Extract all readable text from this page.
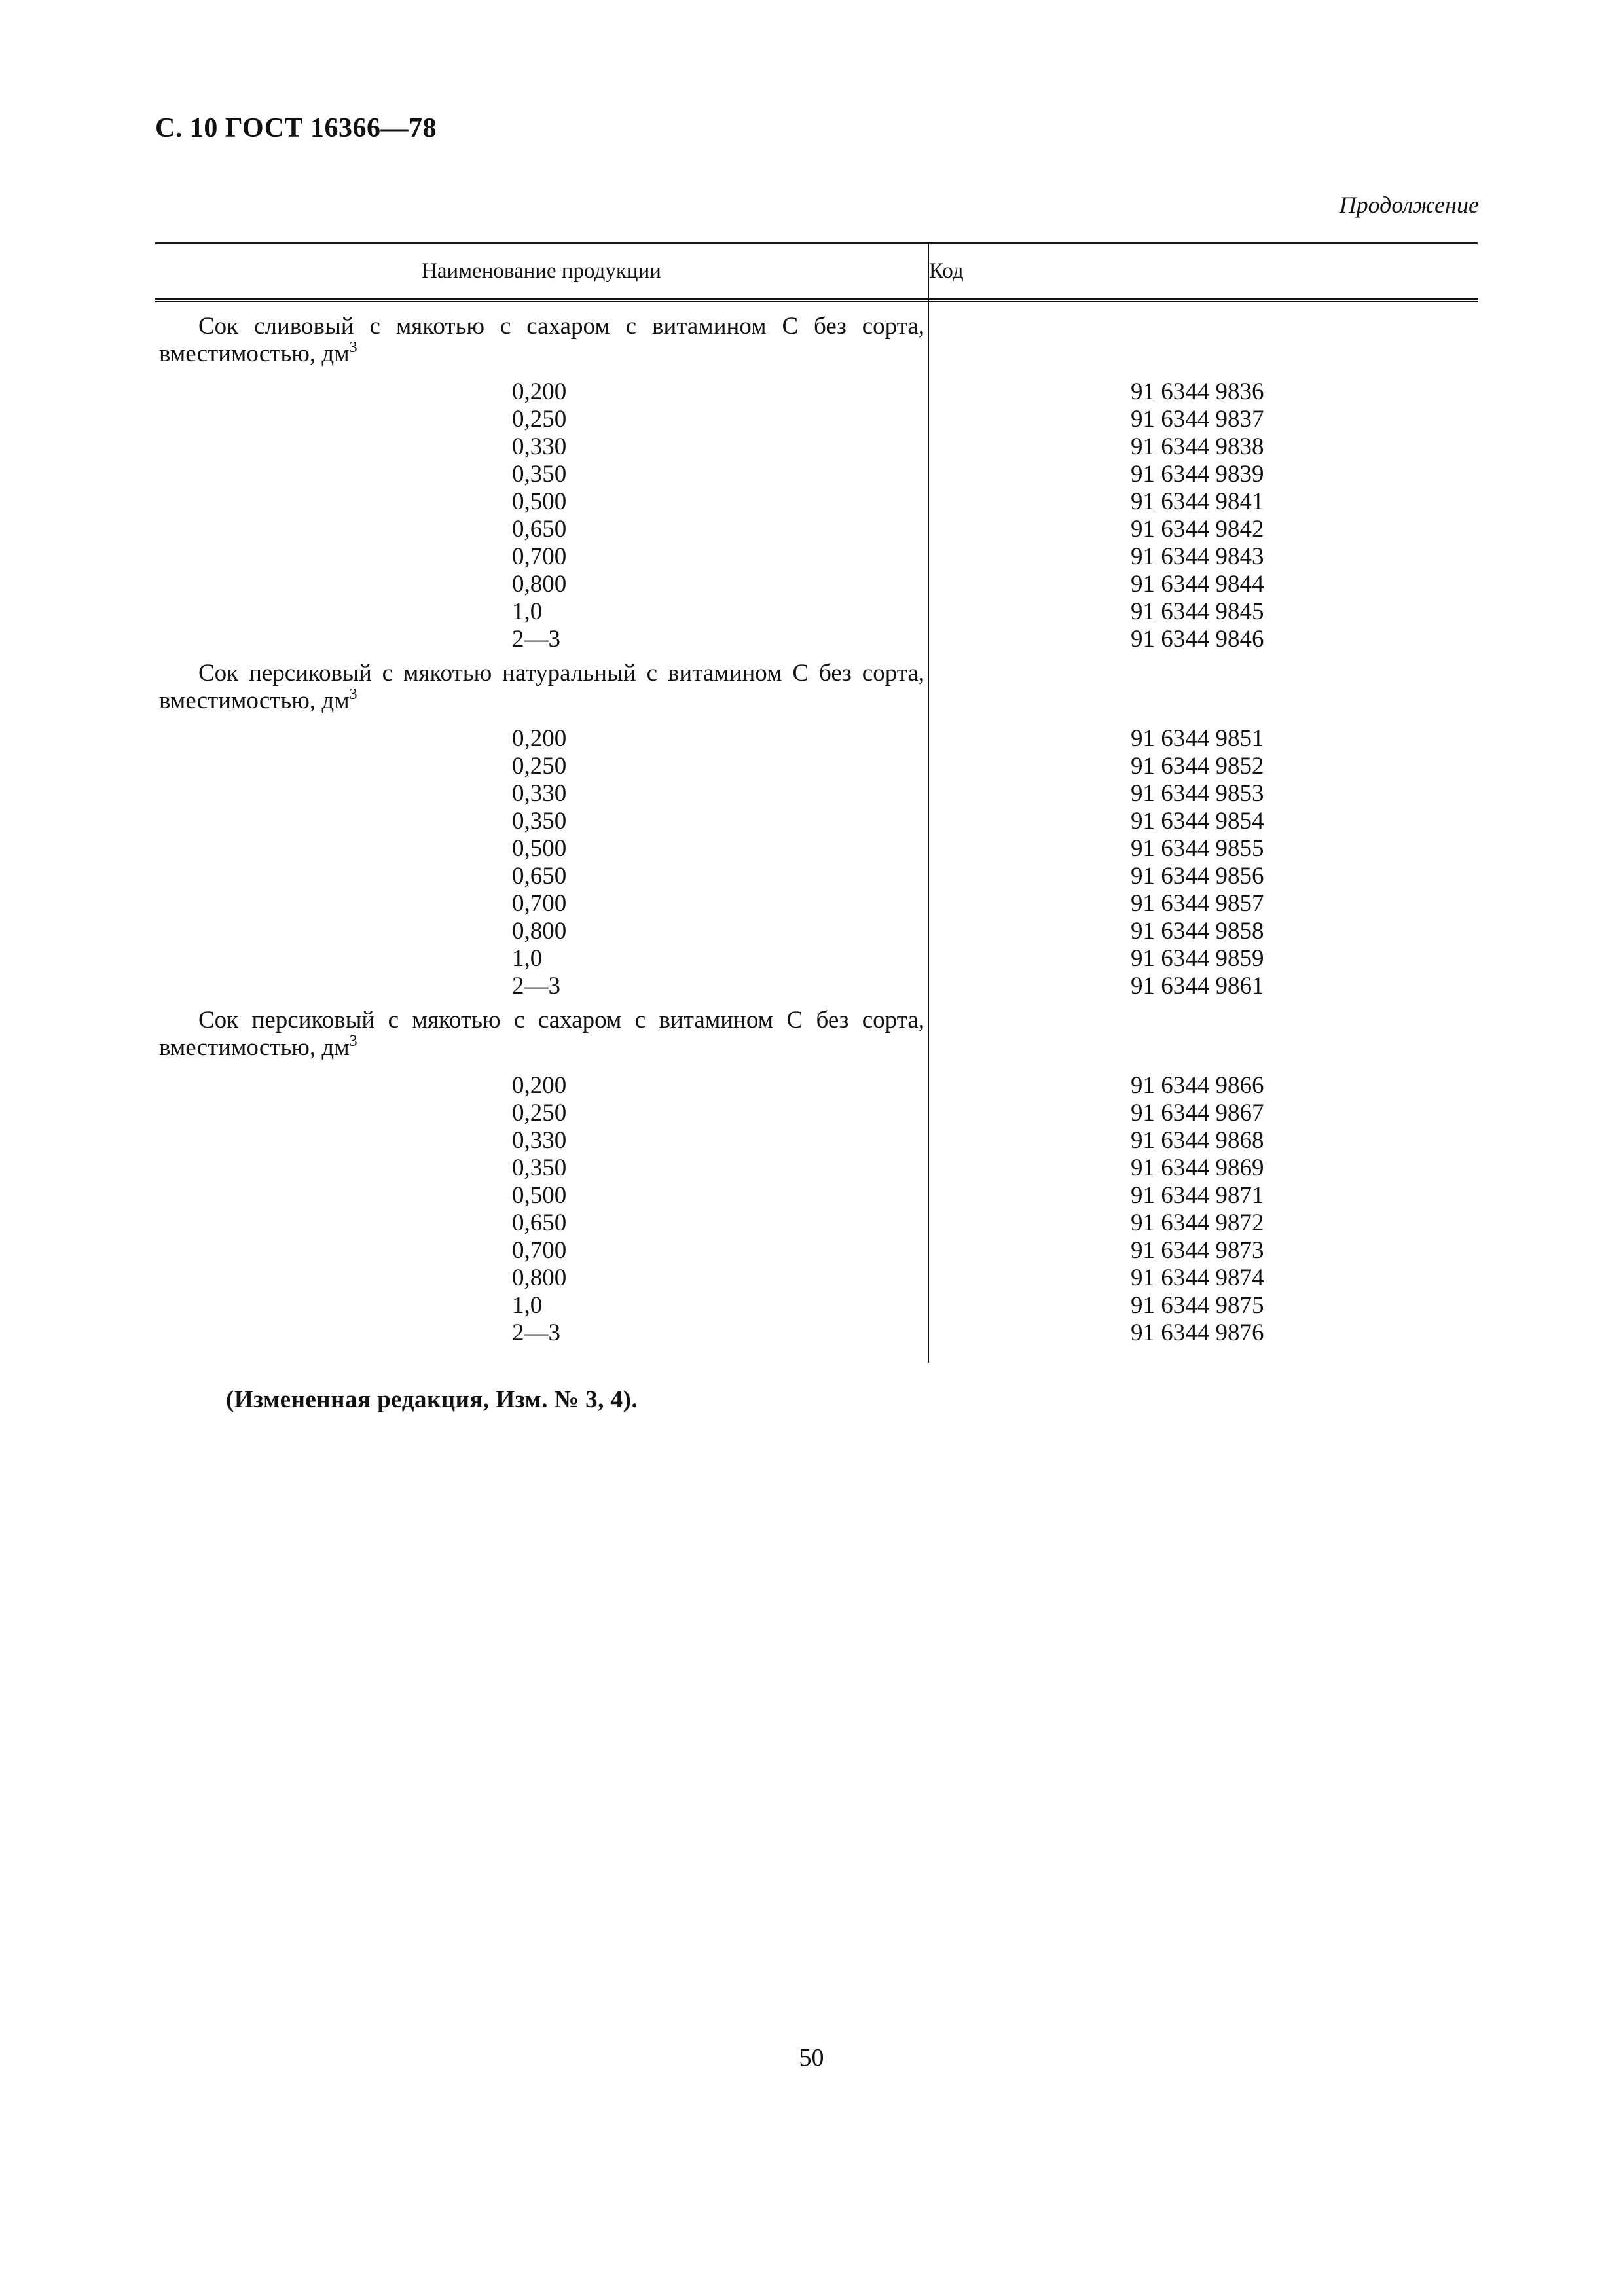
С. 10 ГОСТ 16366—78
Продолжение
Наименование продукции	Код
Сок сливовый с мякотью с сахаром с витамином С без сорта, вместимостью, $дм^3$
0,200	91 6344 9836
0,250	91 6344 9837
0,330	91 6344 9838
0,350	91 6344 9839
0,500	91 6344 9841
0,650	91 6344 9842
0,700	91 6344 9843
0,800	91 6344 9844
1,0	91 6344 9845
2—3	91 6344 9846
Сок персиковый с мякотью натуральный с витамином С без сорта, вместимостью, $дм^3$
0,200	91 6344 9851
0,250	91 6344 9852
0,330	91 6344 9853
0,350	91 6344 9854
0,500	91 6344 9855
0,650	91 6344 9856
0,700	91 6344 9857
0,800	91 6344 9858
1,0	91 6344 9859
2—3	91 6344 9861
Сок персиковый с мякотью с сахаром с витамином С без сорта, вместимостью, $дм^3$
0,200	91 6344 9866
0,250	91 6344 9867
0,330	91 6344 9868
0,350	91 6344 9869
0,500	91 6344 9871
0,650	91 6344 9872
0,700	91 6344 9873
0,800	91 6344 9874
1,0	91 6344 9875
2—3	91 6344 9876
(Измененная редакция, Изм. № 3, 4).
50
